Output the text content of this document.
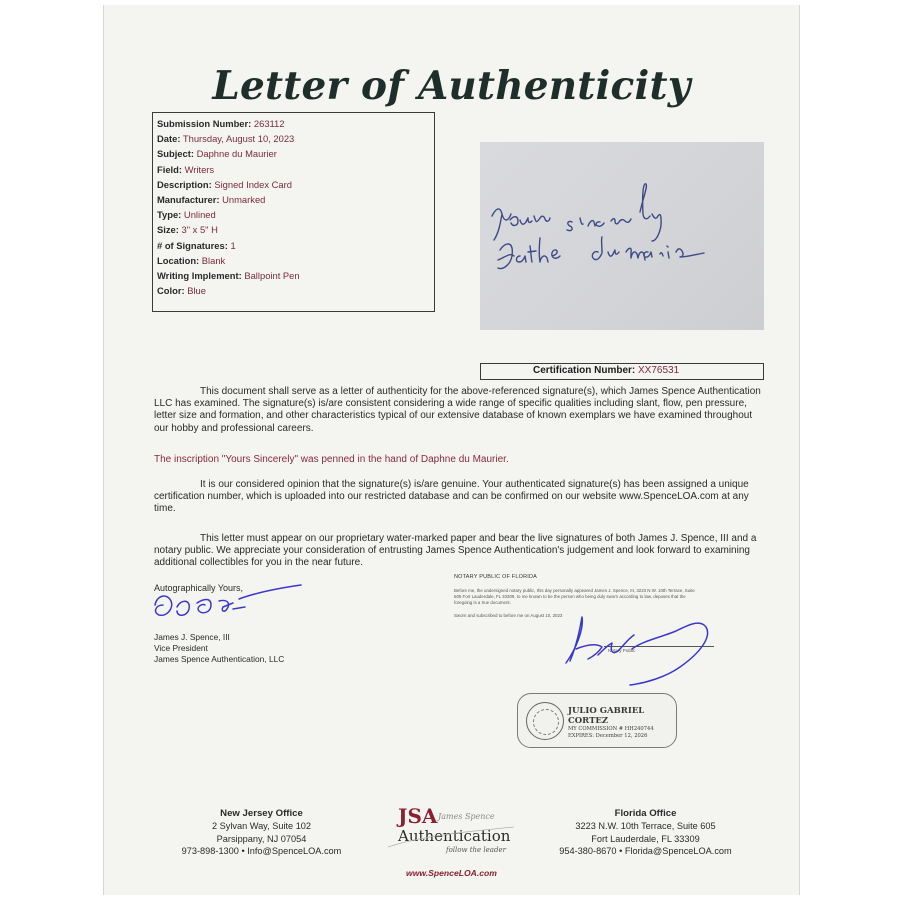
Letter of Authenticity
Submission Number: 263112
Date: Thursday, August 10, 2023
Subject: Daphne du Maurier
Field: Writers
Description: Signed Index Card
Manufacturer: Unmarked
Type: Unlined
Size: 3" x 5" H
# of Signatures: 1
Location: Blank
Writing Implement: Ballpoint Pen
Color: Blue
Certification Number: XX76531
This document shall serve as a letter of authenticity for the above-referenced signature(s), which James Spence Authentication LLC has examined. The signature(s) is/are consistent considering a wide range of specific qualities including slant, flow, pen pressure, letter size and formation, and other characteristics typical of our extensive database of known exemplars we have examined throughout our hobby and professional careers.
The inscription "Yours Sincerely" was penned in the hand of Daphne du Maurier.
It is our considered opinion that the signature(s) is/are genuine. Your authenticated signature(s) has been assigned a unique certification number, which is uploaded into our restricted database and can be confirmed on our website www.SpenceLOA.com at any time.
This letter must appear on our proprietary water-marked paper and bear the live signatures of both James J. Spence, III and a notary public. We appreciate your consideration of entrusting James Spence Authentication's judgement and look forward to examining additional collectibles for you in the near future.
Autographically Yours,
James J. Spence, III
Vice President
James Spence Authentication, LLC
NOTARY PUBLIC OF FLORIDA
Before me, the undersigned notary public, this day personally appeared James J. Spence, III, 3223 N.W. 10th Terrace, Suite 605 Fort Lauderdale, FL 33309, to me known to be the person who being duly sworn according to law, deposes that the foregoing is a true document.
Sworn and subscribed to before me on August 10, 2023
Notary Public
JULIO GABRIEL CORTEZ
MY COMMISSION # HH240744
EXPIRES: December 12, 2026
New Jersey Office
2 Sylvan Way, Suite 102
Parsippany, NJ 07054
973-898-1300 • Info@SpenceLOA.com
JSA James Spence
Authentication
follow the leader
www.SpenceLOA.com
Florida Office
3223 N.W. 10th Terrace, Suite 605
Fort Lauderdale, FL 33309
954-380-8670 • Florida@SpenceLOA.com
